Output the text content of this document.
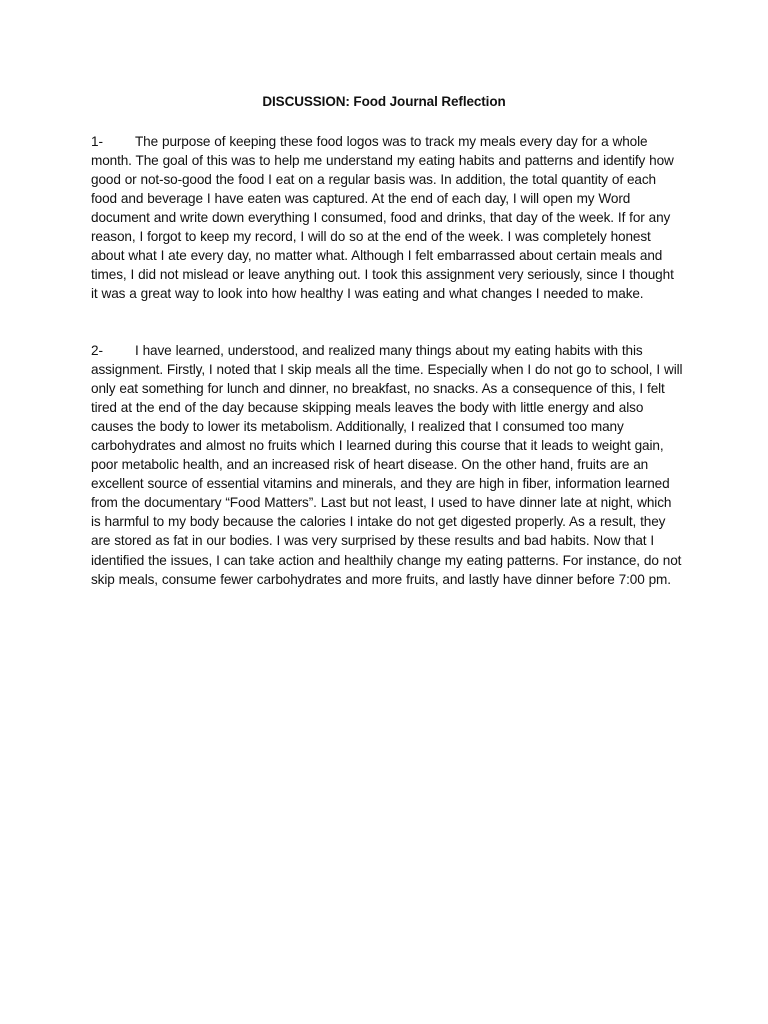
DISCUSSION: Food Journal Reflection

1- The purpose of keeping these food logos was to track my meals every day for a whole month. The goal of this was to help me understand my eating habits and patterns and identify how good or not-so-good the food I eat on a regular basis was. In addition, the total quantity of each food and beverage I have eaten was captured. At the end of each day, I will open my Word document and write down everything I consumed, food and drinks, that day of the week. If for any reason, I forgot to keep my record, I will do so at the end of the week. I was completely honest about what I ate every day, no matter what. Although I felt embarrassed about certain meals and times, I did not mislead or leave anything out. I took this assignment very seriously, since I thought it was a great way to look into how healthy I was eating and what changes I needed to make.

2- I have learned, understood, and realized many things about my eating habits with this assignment. Firstly, I noted that I skip meals all the time. Especially when I do not go to school, I will only eat something for lunch and dinner, no breakfast, no snacks. As a consequence of this, I felt tired at the end of the day because skipping meals leaves the body with little energy and also causes the body to lower its metabolism. Additionally, I realized that I consumed too many carbohydrates and almost no fruits which I learned during this course that it leads to weight gain, poor metabolic health, and an increased risk of heart disease. On the other hand, fruits are an excellent source of essential vitamins and minerals, and they are high in fiber, information learned from the documentary “Food Matters”. Last but not least, I used to have dinner late at night, which is harmful to my body because the calories I intake do not get digested properly. As a result, they are stored as fat in our bodies. I was very surprised by these results and bad habits. Now that I identified the issues, I can take action and healthily change my eating patterns. For instance, do not skip meals, consume fewer carbohydrates and more fruits, and lastly have dinner before 7:00 pm.
